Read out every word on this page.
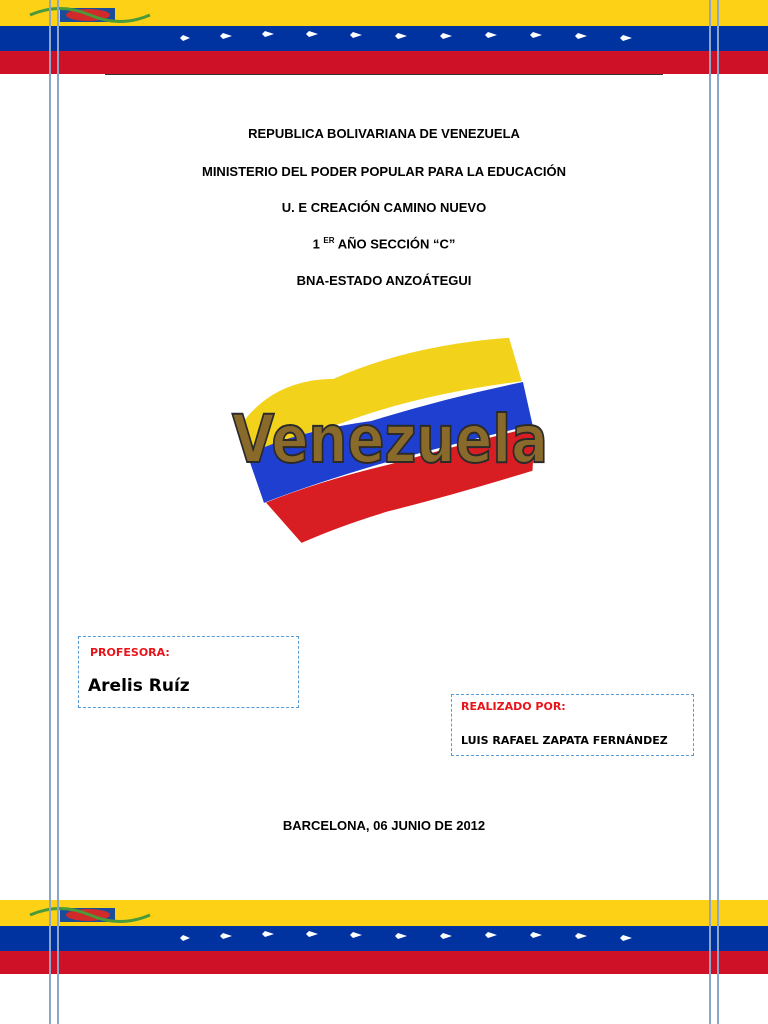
REPUBLICA BOLIVARIANA DE VENEZUELA
MINISTERIO DEL PODER POPULAR PARA LA EDUCACIÓN
U. E CREACIÓN CAMINO NUEVO
1 $^{ER}$ AÑO SECCIÓN “C”
BNA-ESTADO ANZOÁTEGUI
Venezuela
PROFESORA:
Arelis Ruíz
REALIZADO POR:
LUIS RAFAEL ZAPATA FERNÁNDEZ
BARCELONA, 06 JUNIO DE 2012
